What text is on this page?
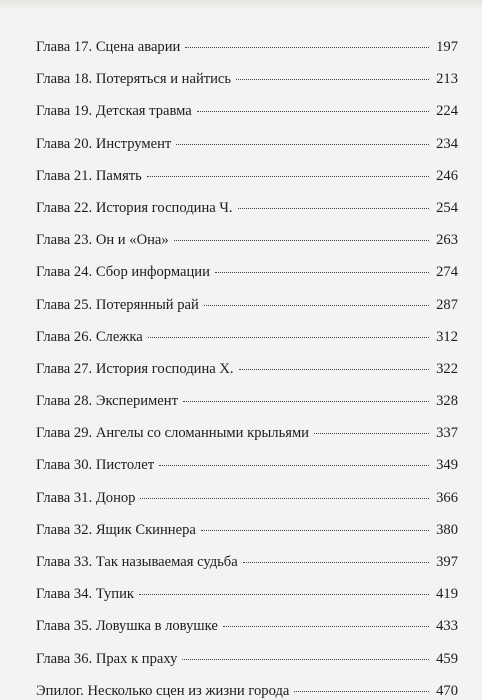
Глава 17. Сцена аварии	197
Глава 18. Потеряться и найтись	213
Глава 19. Детская травма	224
Глава 20. Инструмент	234
Глава 21. Память	246
Глава 22. История господина Ч.	254
Глава 23. Он и «Она»	263
Глава 24. Сбор информации	274
Глава 25. Потерянный рай	287
Глава 26. Слежка	312
Глава 27. История господина Х.	322
Глава 28. Эксперимент	328
Глава 29. Ангелы со сломанными крыльями	337
Глава 30. Пистолет	349
Глава 31. Донор	366
Глава 32. Ящик Скиннера	380
Глава 33. Так называемая судьба	397
Глава 34. Тупик	419
Глава 35. Ловушка в ловушке	433
Глава 36. Прах к праху	459
Эпилог. Несколько сцен из жизни города	470
